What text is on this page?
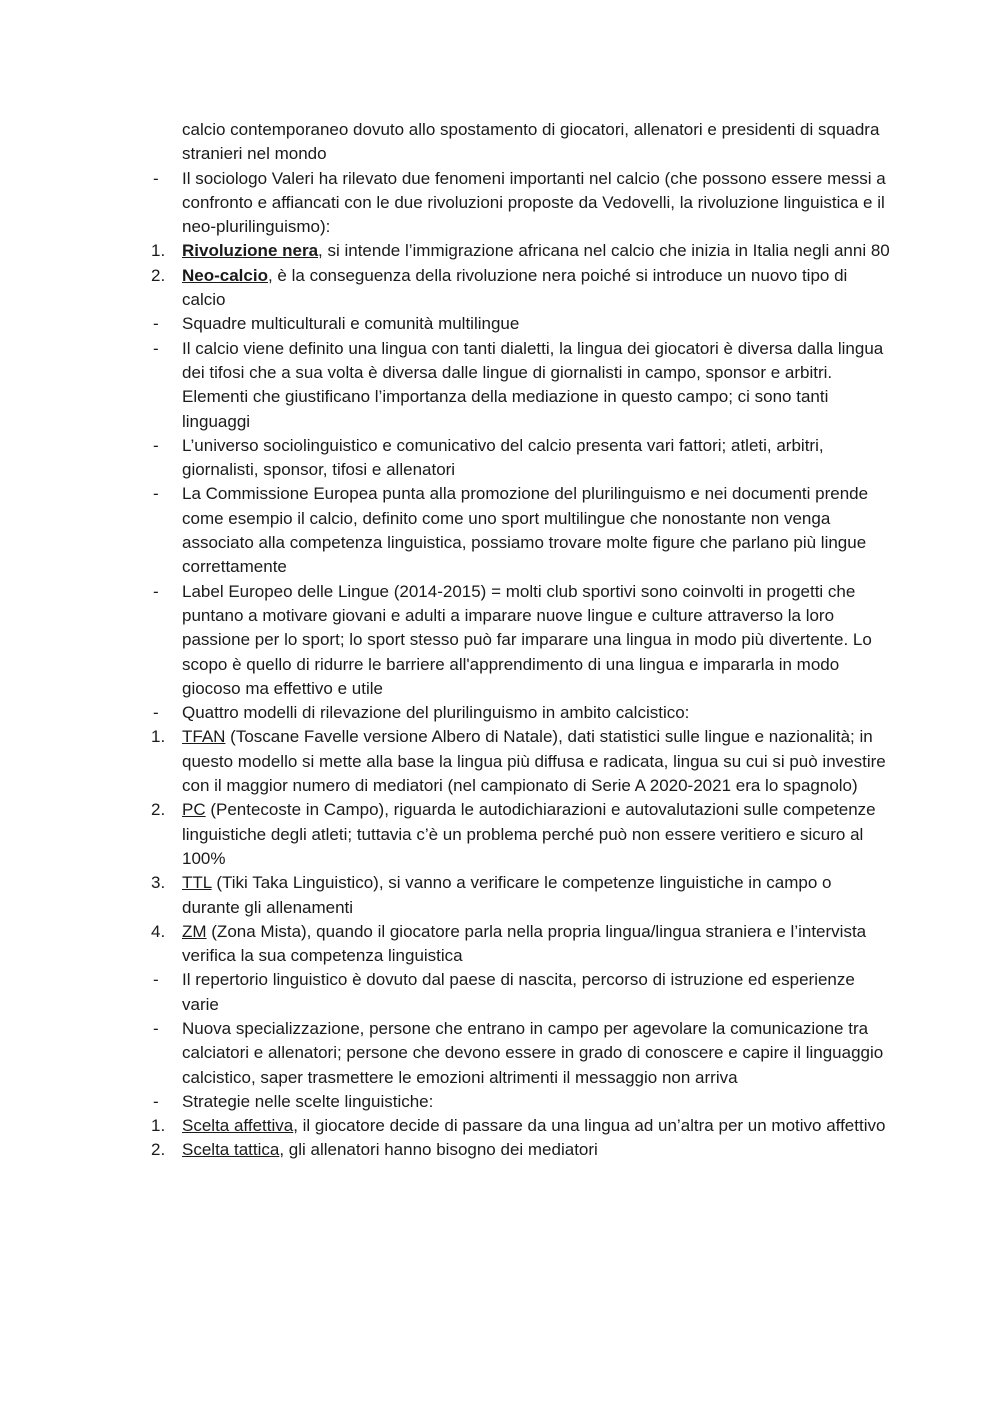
calcio contemporaneo dovuto allo spostamento di giocatori, allenatori e presidenti di squadra stranieri nel mondo
-	Il sociologo Valeri ha rilevato due fenomeni importanti nel calcio (che possono essere messi a confronto e affiancati con le due rivoluzioni proposte da Vedovelli, la rivoluzione linguistica e il neo-plurilinguismo):
1. Rivoluzione nera, si intende l’immigrazione africana nel calcio che inizia in Italia negli anni 80
2. Neo-calcio, è la conseguenza della rivoluzione nera poiché si introduce un nuovo tipo di calcio
-	Squadre multiculturali e comunità multilingue
-	Il calcio viene definito una lingua con tanti dialetti, la lingua dei giocatori è diversa dalla lingua dei tifosi che a sua volta è diversa dalle lingue di giornalisti in campo, sponsor e arbitri. Elementi che giustificano l’importanza della mediazione in questo campo; ci sono tanti linguaggi
-	L’universo sociolinguistico e comunicativo del calcio presenta vari fattori; atleti, arbitri, giornalisti, sponsor, tifosi e allenatori
-	La Commissione Europea punta alla promozione del plurilinguismo e nei documenti prende come esempio il calcio, definito come uno sport multilingue che nonostante non venga associato alla competenza linguistica, possiamo trovare molte figure che parlano più lingue correttamente
-	Label Europeo delle Lingue (2014-2015) = molti club sportivi sono coinvolti in progetti che puntano a motivare giovani e adulti a imparare nuove lingue e culture attraverso la loro passione per lo sport; lo sport stesso può far imparare una lingua in modo più divertente. Lo scopo è quello di ridurre le barriere all'apprendimento di una lingua e impararla in modo giocoso ma effettivo e utile
-	Quattro modelli di rilevazione del plurilinguismo in ambito calcistico:
1. TFAN (Toscane Favelle versione Albero di Natale), dati statistici sulle lingue e nazionalità; in questo modello si mette alla base la lingua più diffusa e radicata, lingua su cui si può investire con il maggior numero di mediatori (nel campionato di Serie A 2020-2021 era lo spagnolo)
2. PC (Pentecoste in Campo), riguarda le autodichiarazioni e autovalutazioni sulle competenze linguistiche degli atleti; tuttavia c’è un problema perché può non essere veritiero e sicuro al 100%
3. TTL (Tiki Taka Linguistico), si vanno a verificare le competenze linguistiche in campo o durante gli allenamenti
4. ZM (Zona Mista), quando il giocatore parla nella propria lingua/lingua straniera e l’intervista verifica la sua competenza linguistica
-	Il repertorio linguistico è dovuto dal paese di nascita, percorso di istruzione ed esperienze varie
-	Nuova specializzazione, persone che entrano in campo per agevolare la comunicazione tra calciatori e allenatori; persone che devono essere in grado di conoscere e capire il linguaggio calcistico, saper trasmettere le emozioni altrimenti il messaggio non arriva
-	Strategie nelle scelte linguistiche:
1. Scelta affettiva, il giocatore decide di passare da una lingua ad un’altra per un motivo affettivo
2. Scelta tattica, gli allenatori hanno bisogno dei mediatori
